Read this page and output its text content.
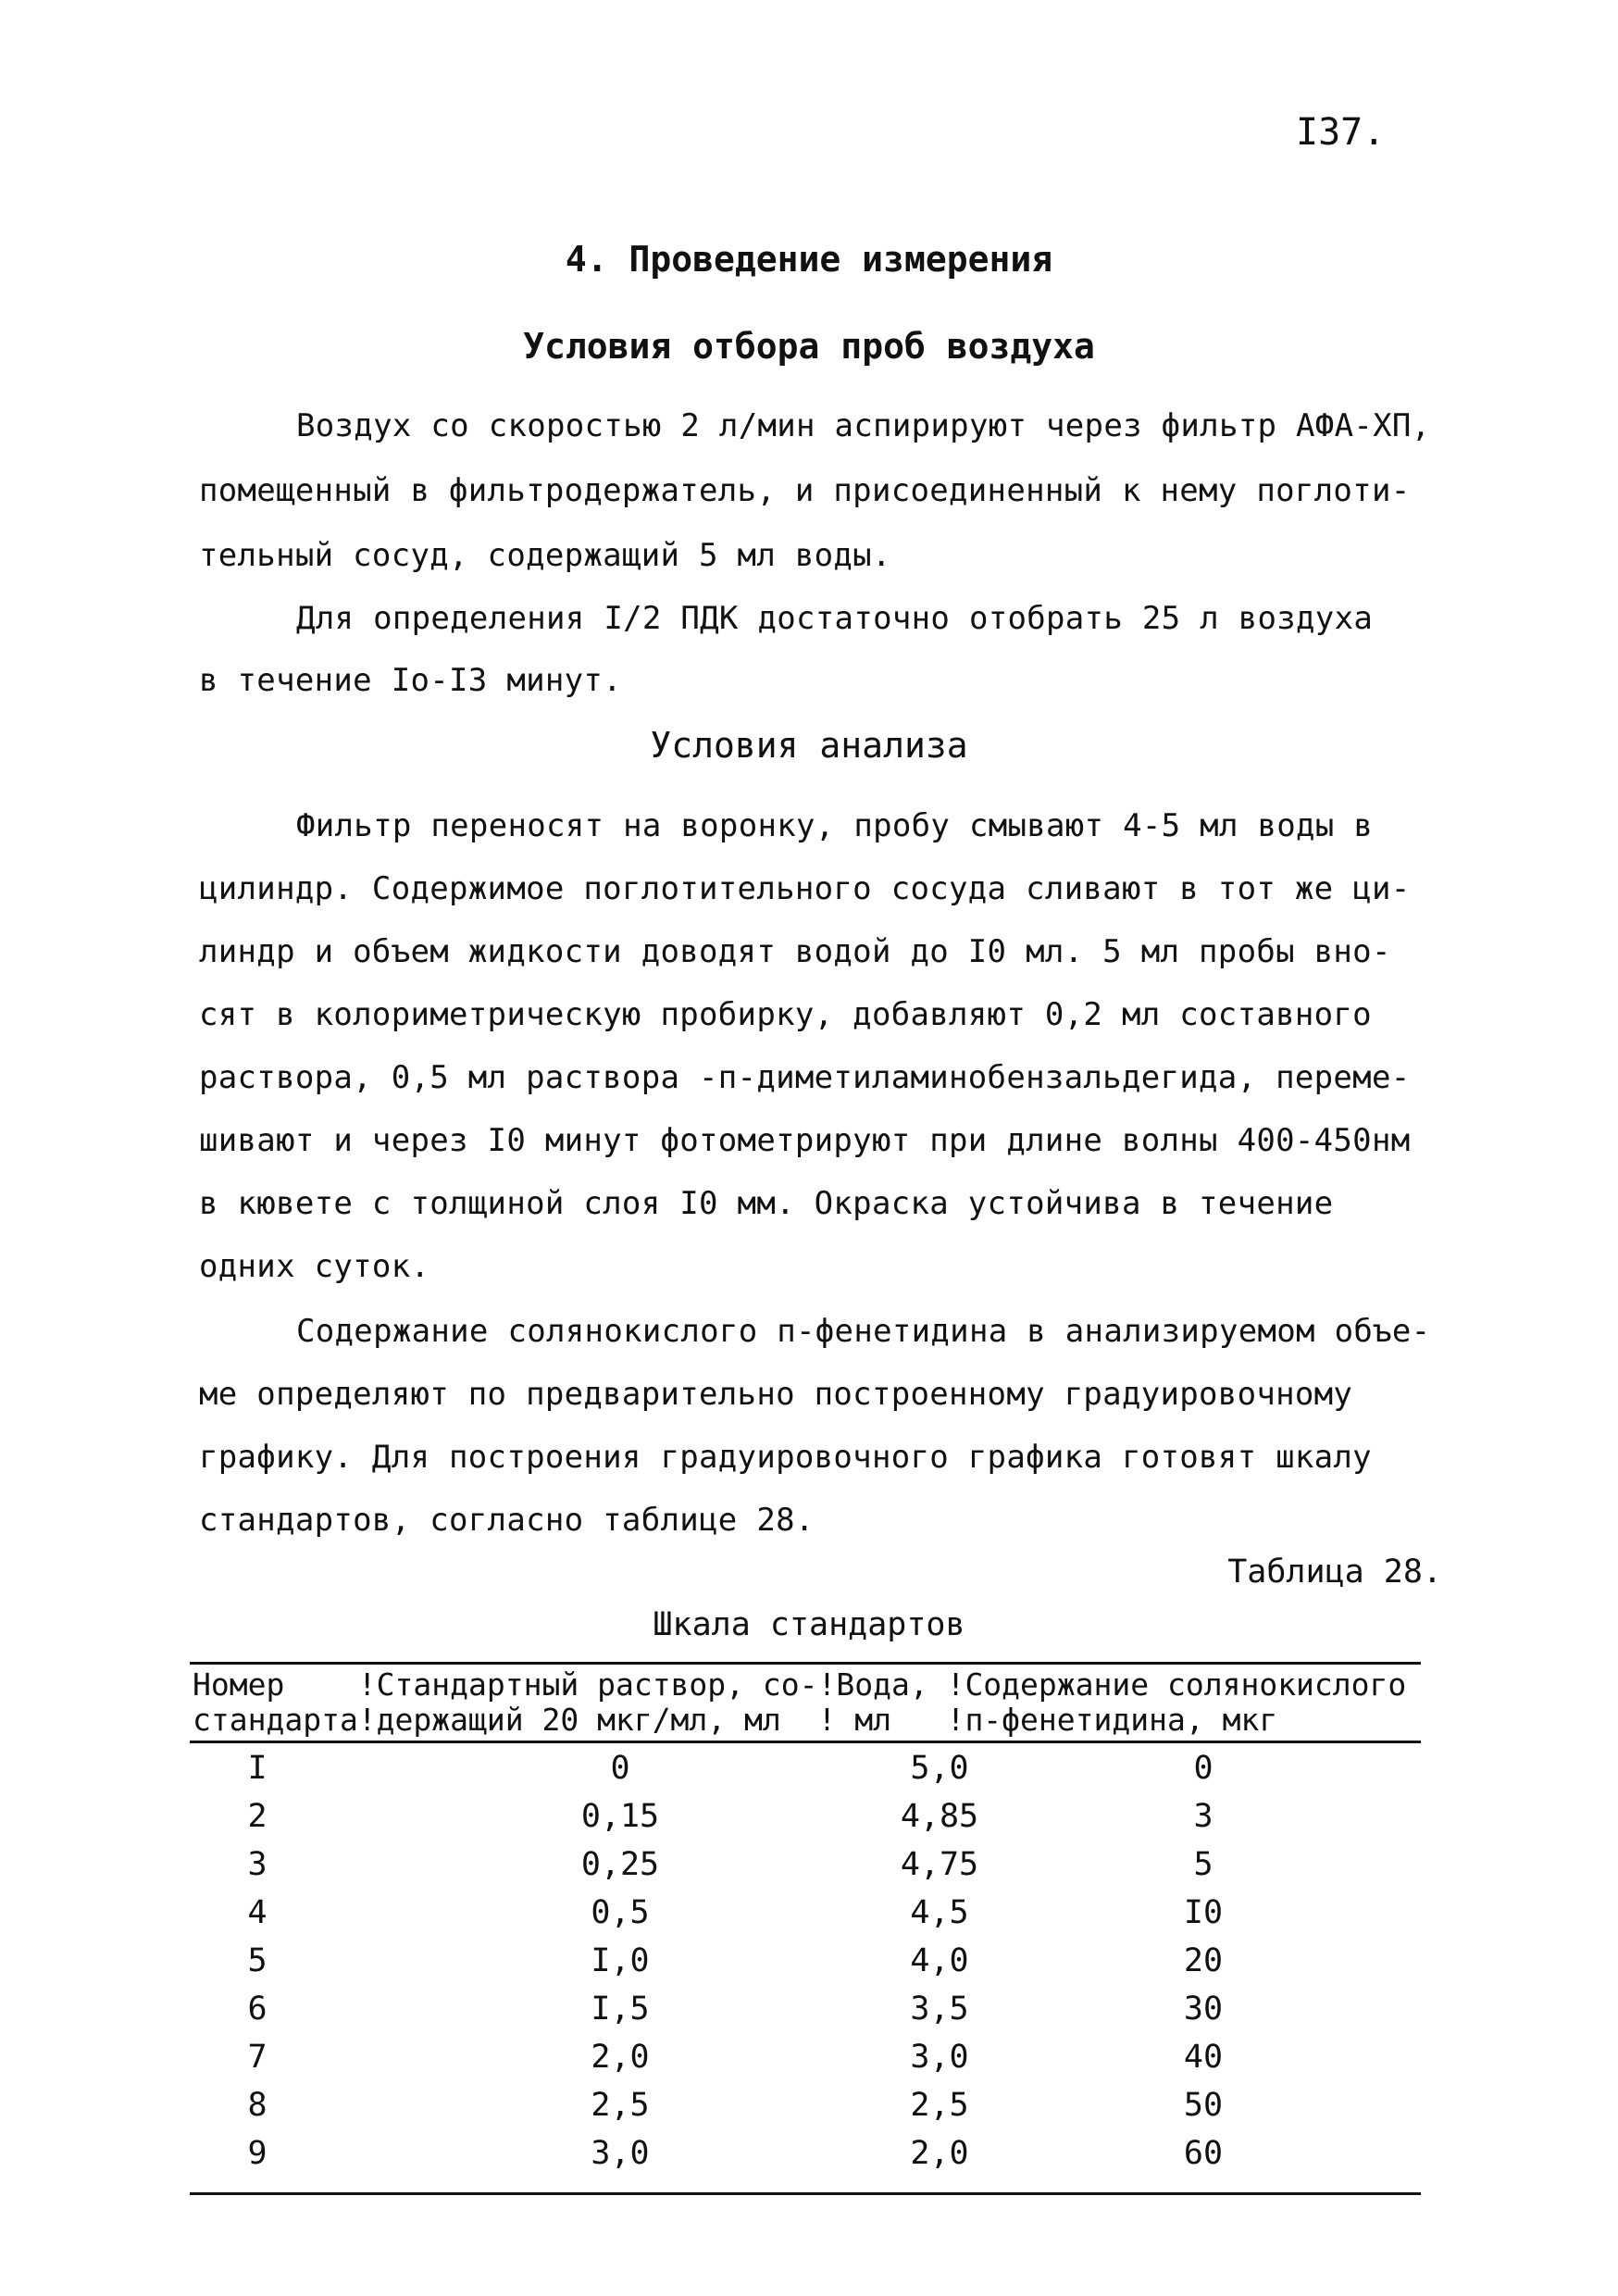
I37.
4. Проведение измерения
Условия отбора проб воздуха
Воздух со скоростью 2 л/мин аспирируют через фильтр АФА-ХП,
помещенный в фильтродержатель, и присоединенный к нему поглоти-
тельный сосуд, содержащий 5 мл воды.
Для определения I/2 ПДК достаточно отобрать 25 л воздуха
в течение Iо-I3 минут.
Условия анализа
Фильтр переносят на воронку, пробу смывают 4-5 мл воды в
цилиндр. Содержимое поглотительного сосуда сливают в тот же ци-
линдр и объем жидкости доводят водой до I0 мл. 5 мл пробы вно-
сят в колориметрическую пробирку, добавляют 0,2 мл составного
раствора, 0,5 мл раствора -п-диметиламинобензальдегида, переме-
шивают и через I0 минут фотометрируют при длине волны 400-450нм
в кювете с толщиной слоя I0 мм. Окраска устойчива в течение
одних суток.
Содержание солянокислого п-фенетидина в анализируемом объе-
ме определяют по предварительно построенному градуировочному
графику. Для построения градуировочного графика готовят шкалу
стандартов, согласно таблице 28.
Таблица 28.
Шкала стандартов
Номер    !Стандартный раствор, со-!Вода, !Содержание солянокислого
стандарта!держащий 20 мкг/мл, мл  ! мл   !п-фенетидина, мкг
I	0	5,0	0
2	0,15	4,85	3
3	0,25	4,75	5
4	0,5	4,5	I0
5	I,0	4,0	20
6	I,5	3,5	30
7	2,0	3,0	40
8	2,5	2,5	50
9	3,0	2,0	60
